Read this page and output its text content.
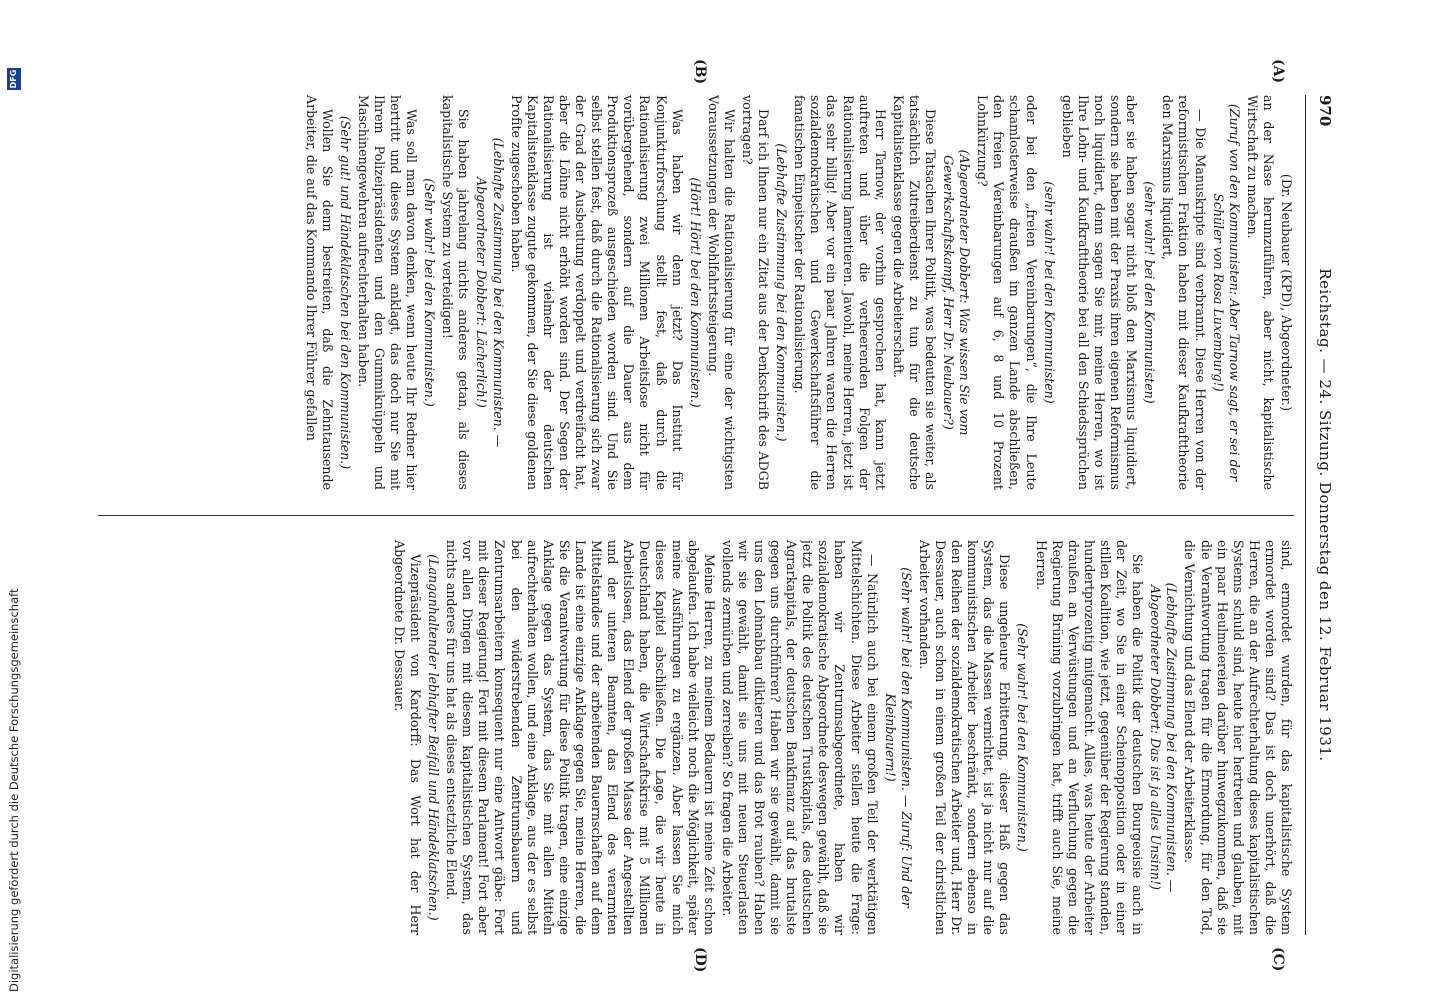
970
Reichstag. — 24. Sitzung. Donnerstag den 12. Februar 1931.
(A)
(B)
(C)
(D)

(Dr. Neubauer (KPD), Abgeordneter.)

an der Nase herumzuführen, aber nicht, kapitalistische Wirtschaft zu machen.

(Zuruf von den Kommunisten: Aber Tarnow sagt, er sei der Schüler von Rosa Luxemburg!)

— Die Manuskripte sind verbrannt. Diese Herren von der reformistischen Fraktion haben mit dieser Kaufkrafttheorie den Marxismus liquidiert,

(sehr wahr! bei den Kommunisten)

aber sie haben sogar nicht bloß den Marxismus liquidiert, sondern sie haben mit der Praxis ihren eigenen Reformismus noch liquidiert, denn sagen Sie mir, meine Herren, wo ist Ihre Lohn- und Kaufkrafttheorie bei all den Schiedssprüchen geblieben

(sehr wahr! bei den Kommunisten)

oder bei den „freien Vereinbarungen“, die Ihre Leute schamlosterweise draußen im ganzen Lande abschließen, den freien Vereinbarungen auf 6, 8 und 10 Prozent Lohnkürzung?

(Abgeordneter Dobbert: Was wissen Sie vom Gewerkschaftskampf, Herr Dr. Neubauer?)

Diese Tatsachen Ihrer Politik, was bedeuten sie weiter, als tatsächlich Zutreiberdienst zu tun für die deutsche Kapitalistenklasse gegen die Arbeiterschaft.

Herr Tarnow, der vorhin gesprochen hat, kann jetzt auftreten und über die verheerenden Folgen der Rationalisierung lamentieren. Jawohl, meine Herren, jetzt ist das sehr billig! Aber vor ein paar Jahren waren die Herren sozialdemokratischen und Gewerkschaftsführer die fanatischen Einpeitscher der Rationalisierung.

(Lebhafte Zustimmung bei den Kommunisten.)

Darf ich Ihnen nur ein Zitat aus der Denkschrift des ADGB vortragen?

Wir halten die Rationalisierung für eine der wichtigsten Voraussetzungen der Wohlfahrtssteigerung.

(Hört! Hört! bei den Kommunisten.)

Was haben wir denn jetzt? Das Institut für Konjunkturforschung stellt fest, daß durch die Rationalisierung zwei Millionen Arbeitslose nicht für vorübergehend, sondern auf die Dauer aus dem Produktionsprozeß ausgeschieden worden sind. Und Sie selbst stellen fest, daß durch die Rationalisierung sich zwar der Grad der Ausbeutung verdoppelt und verdreifacht hat, aber die Löhne nicht erhöht worden sind. Der Segen der Rationalisierung ist vielmehr der deutschen Kapitalistenklasse zugute gekommen, der Sie diese goldenen Profite zugeschoben haben.

(Lebhafte Zustimmung bei den Kommunisten. — Abgeordneter Dobbert: Lächerlich!)

Sie haben jahrelang nichts anderes getan, als dieses kapitalistische System zu verteidigen!

(Sehr wahr! bei den Kommunisten.)

Was soll man davon denken, wenn heute Ihr Redner hier hertritt und dieses System anklagt, das doch nur Sie mit Ihrem Polizeipräsidenten und den Gummiknüppeln und Maschinengewehren aufrechterhalten haben.

(Sehr gut! und Händeklatschen bei den Kommunisten.)

Wollen Sie denn bestreiten, daß die Zehntausende Arbeiter, die auf das Kommando Ihrer Führer gefallen

sind, ermordet wurden, für das kapitalistische System ermordet worden sind? Das ist doch unerhört, daß die Herren, die an der Aufrechterhaltung dieses kapitalistischen Systems schuld sind, heute hier hertreten und glauben, mit ein paar Heulmeiereien darüber hinwegzukommen, daß sie die Verantwortung tragen für die Ermordung, für den Tod, die Vernichtung und das Elend der Arbeiterklasse.

(Lebhafte Zustimmung bei den Kommunisten. — Abgeordneter Dobbert: Das ist ja alles Unsinn!)

Sie haben die Politik der deutschen Bourgeoisie auch in der Zeit, wo Sie in einer Scheinopposition oder in einer stillen Koalition, wie jetzt, gegenüber der Regierung standen, hundertprozentig mitgemacht. Alles, was heute der Arbeiter draußen an Verwüstungen und an Verfluchung gegen die Regierung Brüning vorzubringen hat, trifft auch Sie, meine Herren.

(Sehr wahr! bei den Kommunisten.)

Diese ungeheure Erbitterung, dieser Haß gegen das System, das die Massen vernichtet, ist ja nicht nur auf die kommunistischen Arbeiter beschränkt, sondern ebenso in den Reihen der sozialdemokratischen Arbeiter und, Herr Dr. Dessauer, auch schon in einem großen Teil der christlichen Arbeiter vorhanden.

(Sehr wahr! bei den Kommunisten. — Zuruf: Und der Kleinbauern!)

— Natürlich auch bei einem großen Teil der werktätigen Mittelschichten. Diese Arbeiter stellen heute die Frage: haben wir Zentrumsabgeordnete, haben wir sozialdemokratische Abgeordnete deswegen gewählt, daß sie jetzt die Politik des deutschen Trustkapitals, des deutschen Agrarkapitals, der deutschen Bankfinanz auf das brutalste gegen uns durchführen? Haben wir sie gewählt, damit sie uns den Lohnabbau diktieren und das Brot rauben? Haben wir sie gewählt, damit sie uns mit neuen Steuerlasten vollends zermürben und zerreiben? So fragen die Arbeiter.

Meine Herren, zu meinem Bedauern ist meine Zeit schon abgelaufen. Ich habe vielleicht noch die Möglichkeit, später meine Ausführungen zu ergänzen. Aber lassen Sie mich dieses Kapitel abschließen. Die Lage, die wir heute in Deutschland haben, die Wirtschaftskrise mit 5 Millionen Arbeitslosen, das Elend der großen Masse der Angestellten und der unteren Beamten, das Elend des verarmten Mittelstandes und der arbeitenden Bauernschaften auf dem Lande ist eine einzige Anklage gegen Sie, meine Herren, die Sie die Verantwortung für diese Politik tragen, eine einzige Anklage gegen das System, das Sie mit allen Mitteln aufrechterhalten wollen, und eine Anklage, aus der es selbst bei den widerstrebenden Zentrumsbauern und Zentrumsarbeitern konsequent nur eine Antwort gäbe: Fort mit dieser Regierung! Fort mit diesem Parlament! Fort aber vor allen Dingen mit diesem kapitalistischen System, das nichts anderes für uns hat als dieses entsetzliche Elend.

(Langanhaltender lebhafter Beifall und Händeklatschen.)

Vizepräsident von Kardorff: Das Wort hat der Herr Abgeordnete Dr. Dessauer.

Digitalisierung gefördert durch die Deutsche Forschungsgemeinschaft
DFG
